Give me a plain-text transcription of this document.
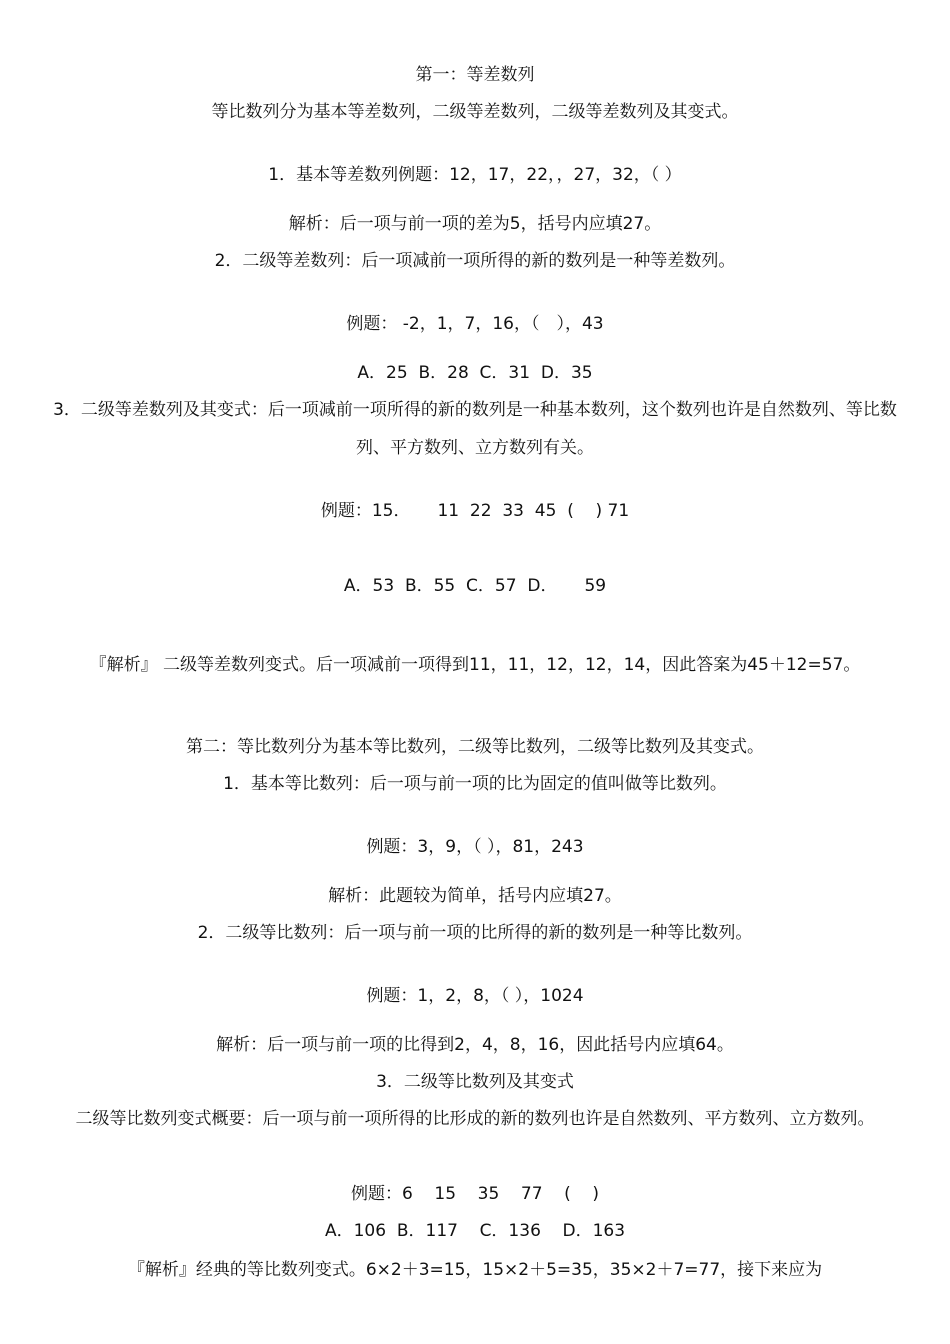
第一：等差数列
等比数列分为基本等差数列，二级等差数列，二级等差数列及其变式。
1．基本等差数列例题：12，17，22，，27，32，（ ）
解析：后一项与前一项的差为5，括号内应填27。
2．二级等差数列：后一项减前一项所得的新的数列是一种等差数列。
例题： -2，1，7，16，（　），43
A．25  B．28  C．31  D．35
3．二级等差数列及其变式：后一项减前一项所得的新的数列是一种基本数列，这个数列也许是自然数列、等比数列、平方数列、立方数列有关。
例题：15．     11  22  33  45  (    ) 71
A．53  B．55  C．57  D．     59
『解析』 二级等差数列变式。后一项减前一项得到11，11，12，12，14，因此答案为45＋12=57。
第二：等比数列分为基本等比数列，二级等比数列，二级等比数列及其变式。
1．基本等比数列：后一项与前一项的比为固定的值叫做等比数列。
例题：3，9，（ ），81，243
解析：此题较为简单，括号内应填27。
2．二级等比数列：后一项与前一项的比所得的新的数列是一种等比数列。
例题：1，2，8，（ ），1024
解析：后一项与前一项的比得到2，4，8，16，因此括号内应填64。
3．二级等比数列及其变式
二级等比数列变式概要：后一项与前一项所得的比形成的新的数列也许是自然数列、平方数列、立方数列。
例题：6    15    35    77    (    )
A．106  B．117    C．136    D．163
『解析』经典的等比数列变式。6×2＋3=15，15×2＋5=35，35×2＋7=77，接下来应为
